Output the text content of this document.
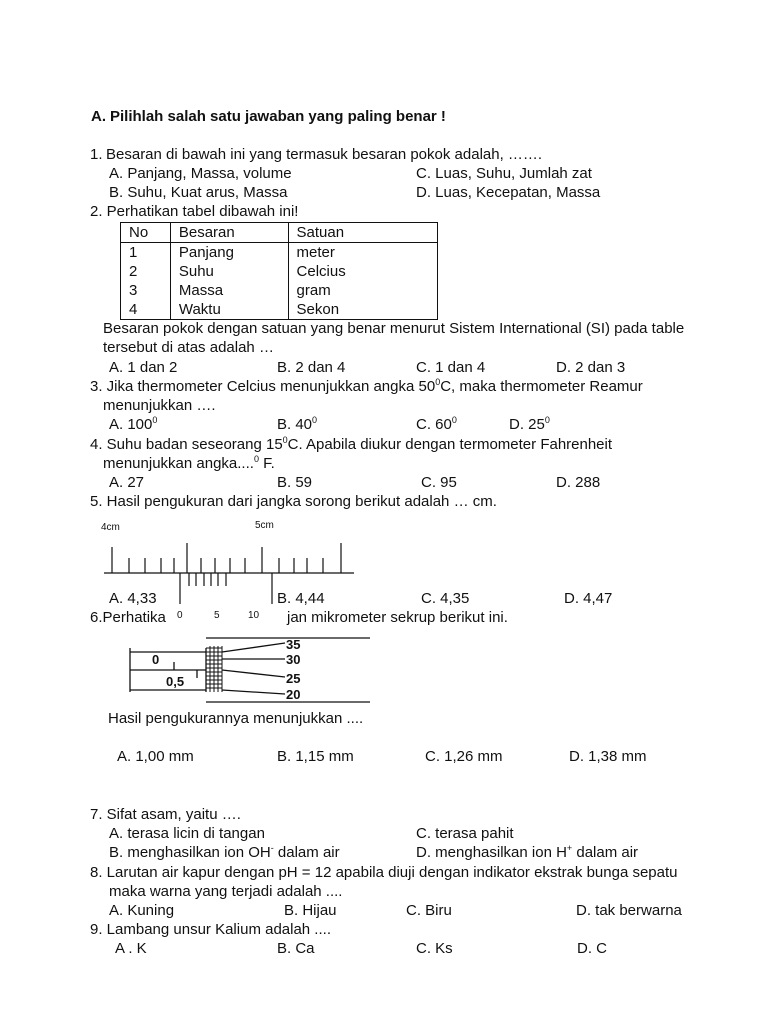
A. Pilihlah salah satu jawaban yang paling benar !
1. Besaran di bawah ini yang termasuk besaran pokok adalah, …….
A. Panjang, Massa, volume
B. Suhu, Kuat arus, Massa
C. Luas, Suhu, Jumlah zat
D. Luas, Kecepatan, Massa
2. Perhatikan tabel dibawah ini!
No	Besaran	Satuan
1	Panjang	meter
2	Suhu	Celcius
3	Massa	gram
4	Waktu	Sekon
Besaran pokok dengan satuan yang benar menurut Sistem International (SI) pada table
tersebut di atas adalah …
A. 1 dan 2	B. 2 dan 4	C. 1 dan 4	D. 2 dan 3
3. Jika thermometer Celcius menunjukkan angka $50^0C$, maka thermometer Reamur
menunjukkan ….
A. $100^0$	B. $40^0$	C. $60^0$	D. $25^0$
4. Suhu badan seseorang $15^0C$. Apabila diukur dengan termometer Fahrenheit
menunjukkan angka....$^0$ F.
A. 27	B. 59	C. 95	D. 288
5. Hasil pengukuran dari jangka sorong berikut adalah … cm.
4cm	5cm
0	5	10
A. 4,33	B. 4,44	C. 4,35	D. 4,47
6.Perhatika	jan mikrometer sekrup berikut ini.
0
0,5
35
30
25
20
Hasil pengukurannya menunjukkan ....
A. 1,00 mm	B. 1,15 mm	C. 1,26 mm	D. 1,38 mm
7. Sifat asam, yaitu ….
A. terasa licin di tangan
B. menghasilkan ion OH- dalam air
C. terasa pahit
D. menghasilkan ion H+ dalam air
8. Larutan air kapur dengan pH = 12 apabila diuji dengan indikator ekstrak bunga sepatu
maka warna yang terjadi adalah ....
A. Kuning	B. Hijau	C. Biru	D. tak berwarna
9. Lambang unsur Kalium adalah ....
A . K	B. Ca	C. Ks	D. C
